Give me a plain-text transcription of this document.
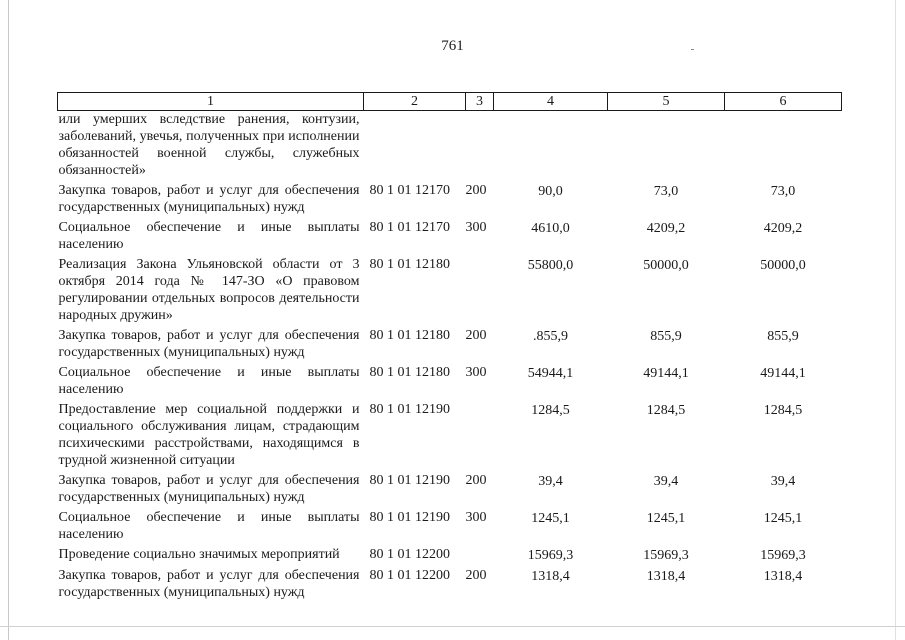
761
1	2	3	4	5	6
или умерших вследствие ранения, контузии, заболеваний, увечья, полученных при исполнении обязанностей военной службы, служебных обязанностей»					
Закупка товаров, работ и услуг для обеспечения государственных (муниципальных) нужд	80 1 01 12170	200	90,0	73,0	73,0
Социальное обеспечение и иные выплаты населению	80 1 01 12170	300	4610,0	4209,2	4209,2
Реализация Закона Ульяновской области от 3 октября 2014 года № 147-ЗО «О правовом регулировании отдельных вопросов деятельности народных дружин»	80 1 01 12180		55800,0	50000,0	50000,0
Закупка товаров, работ и услуг для обеспечения государственных (муниципальных) нужд	80 1 01 12180	200	.855,9	855,9	855,9
Социальное обеспечение и иные выплаты населению	80 1 01 12180	300	54944,1	49144,1	49144,1
Предоставление мер социальной поддержки и социального обслуживания лицам, страдающим психическими расстройствами, находящимся в трудной жизненной ситуации	80 1 01 12190		1284,5	1284,5	1284,5
Закупка товаров, работ и услуг для обеспечения государственных (муниципальных) нужд	80 1 01 12190	200	39,4	39,4	39,4
Социальное обеспечение и иные выплаты населению	80 1 01 12190	300	1245,1	1245,1	1245,1
Проведение социально значимых мероприятий	80 1 01 12200		15969,3	15969,3	15969,3
Закупка товаров, работ и услуг для обеспечения государственных (муниципальных) нужд	80 1 01 12200	200	1318,4	1318,4	1318,4
